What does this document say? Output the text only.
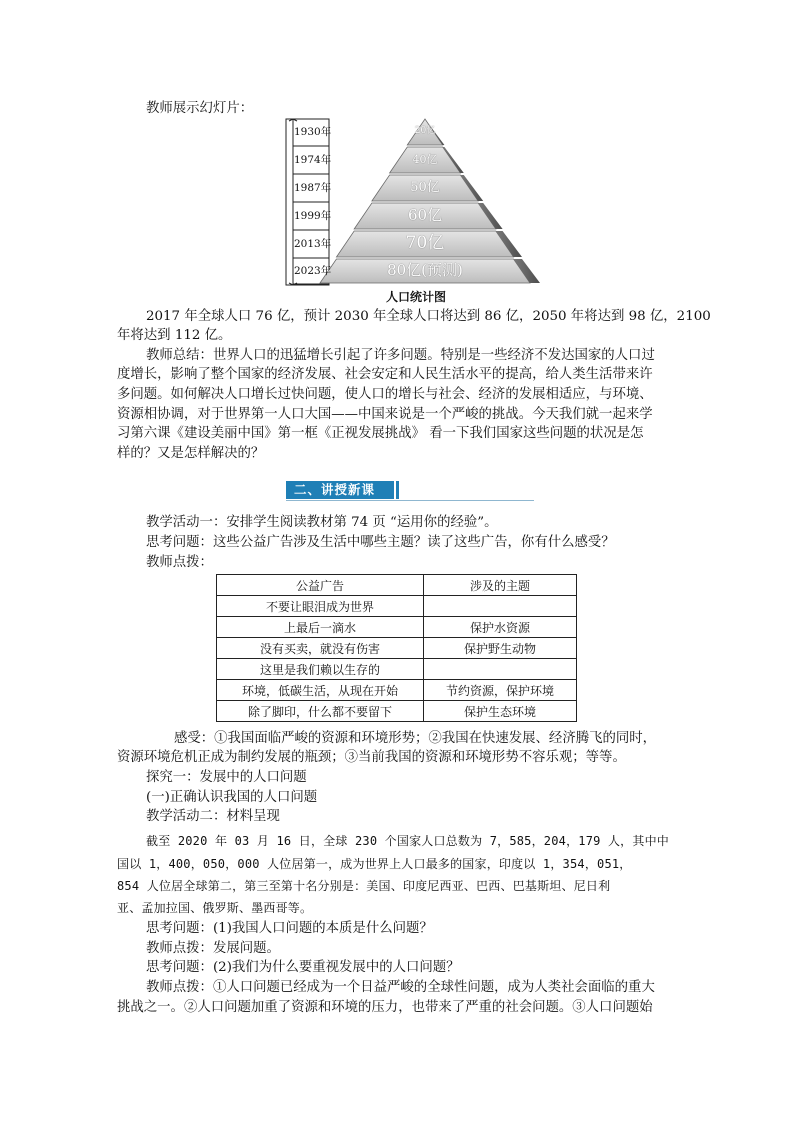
教师展示幻灯片：
1930年	20亿
1974年	40亿
1987年	50亿
1999年	60亿
2013年	70亿
2023年	80亿(预测)
人口统计图
2017 年全球人口 76 亿，预计 2030 年全球人口将达到 86 亿，2050 年将达到 98 亿，2100
年将达到 112 亿。
教师总结：世界人口的迅猛增长引起了许多问题。特别是一些经济不发达国家的人口过
度增长，影响了整个国家的经济发展、社会安定和人民生活水平的提高，给人类生活带来许
多问题。如何解决人口增长过快问题，使人口的增长与社会、经济的发展相适应，与环境、
资源相协调，对于世界第一人口大国——中国来说是一个严峻的挑战。今天我们就一起来学
习第六课《建设美丽中国》第一框《正视发展挑战》 看一下我们国家这些问题的状况是怎
样的？又是怎样解决的？
二、讲授新课
教学活动一：安排学生阅读教材第 74 页 “运用你的经验”。
思考问题：这些公益广告涉及生活中哪些主题？读了这些广告，你有什么感受？
教师点拨：
公益广告	涉及的主题
不要让眼泪成为世界	
上最后一滴水	保护水资源
没有买卖，就没有伤害	保护野生动物
这里是我们赖以生存的	
环境，低碳生活，从现在开始	节约资源，保护环境
除了脚印，什么都不要留下	保护生态环境
感受：①我国面临严峻的资源和环境形势；②我国在快速发展、经济腾飞的同时，
资源环境危机正成为制约发展的瓶颈；③当前我国的资源和环境形势不容乐观；等等。
探究一：发展中的人口问题
(一)正确认识我国的人口问题
教学活动二：材料呈现
截至 2020 年 03 月 16 日，全球 230 个国家人口总数为 7，585，204，179 人，其中中
国以 1，400，050，000 人位居第一，成为世界上人口最多的国家，印度以 1，354，051，
854 人位居全球第二，第三至第十名分别是：美国、印度尼西亚、巴西、巴基斯坦、尼日利
亚、孟加拉国、俄罗斯、墨西哥等。
思考问题：(1)我国人口问题的本质是什么问题？
教师点拨：发展问题。
思考问题：(2)我们为什么要重视发展中的人口问题？
教师点拨：①人口问题已经成为一个日益严峻的全球性问题，成为人类社会面临的重大
挑战之一。②人口问题加重了资源和环境的压力，也带来了严重的社会问题。③人口问题始
